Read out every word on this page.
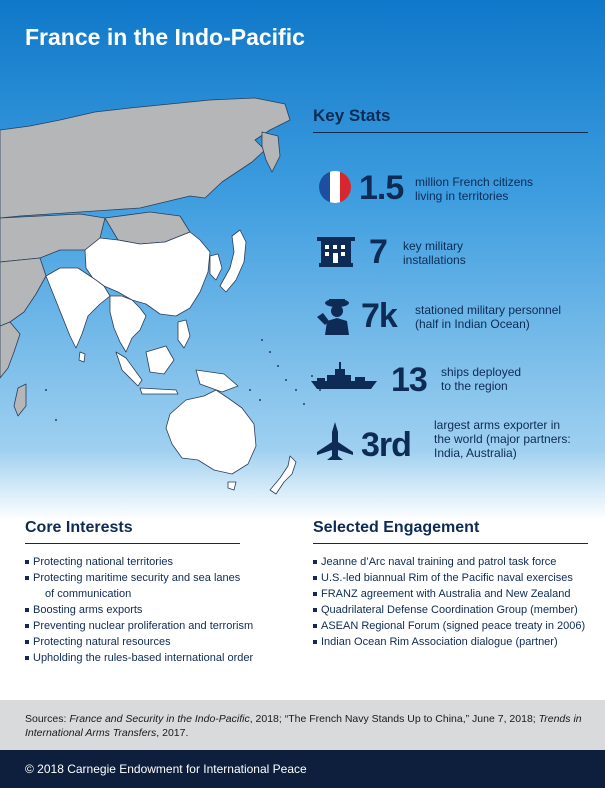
France in the Indo-Pacific
Key Stats
1.5 million French citizens
living in territories
7 key military
installations
7k stationed military personnel
(half in Indian Ocean)
13 ships deployed
to the region
3rd
largest arms exporter in
the world (major partners:
India, Australia)
Core Interests
Protecting national territories
Protecting maritime security and sea lanes
of communication
Boosting arms exports
Preventing nuclear proliferation and terrorism
Protecting natural resources
Upholding the rules-based international order
Selected Engagement
Jeanne d’Arc naval training and patrol task force
U.S.-led biannual Rim of the Pacific naval exercises
FRANZ agreement with Australia and New Zealand
Quadrilateral Defense Coordination Group (member)
ASEAN Regional Forum (signed peace treaty in 2006)
Indian Ocean Rim Association dialogue (partner)

Sources: France and Security in the Indo-Pacific, 2018; “The French Navy Stands Up to China,” June 7, 2018; Trends in International Arms Transfers, 2017.

© 2018 Carnegie Endowment for International Peace
